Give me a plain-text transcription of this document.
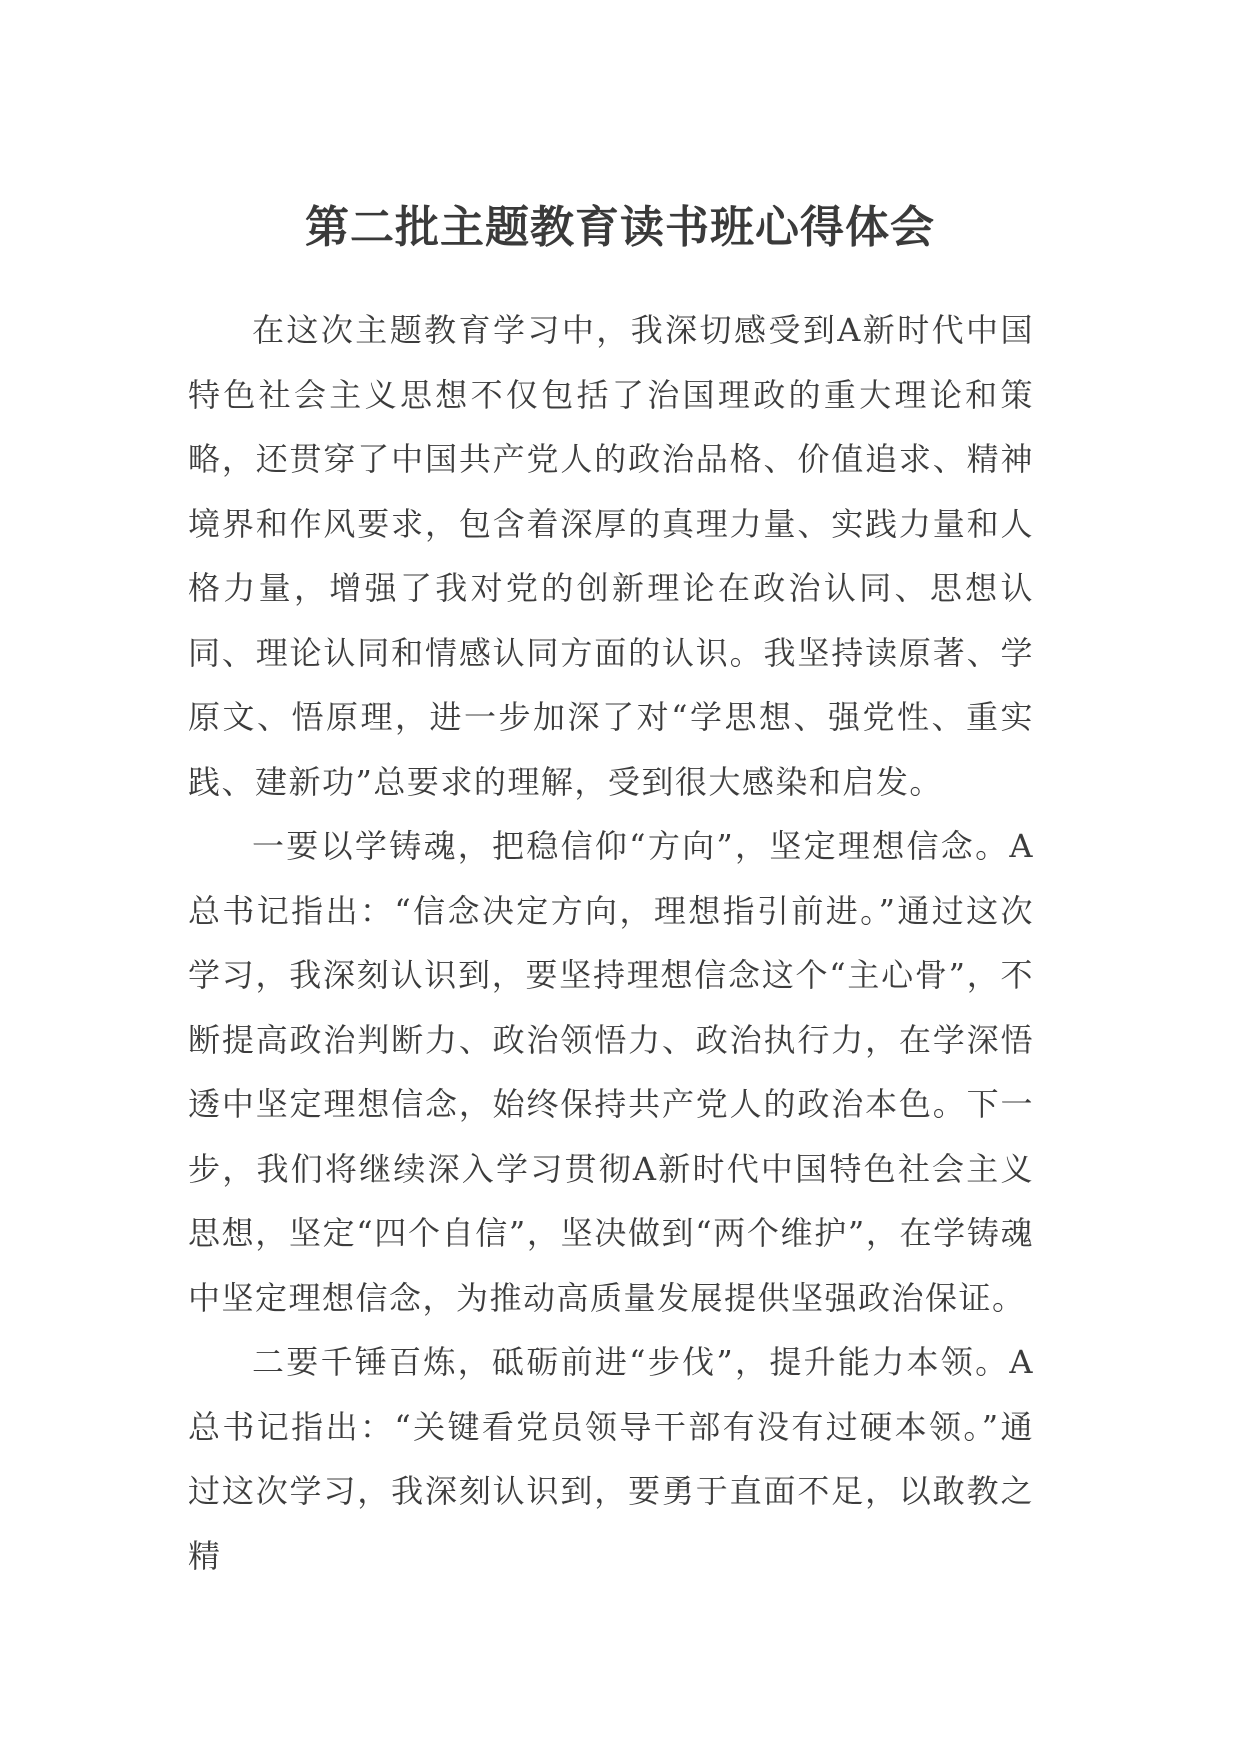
第二批主题教育读书班心得体会

在这次主题教育学习中，我深切感受到A新时代中国特色社会主义思想不仅包括了治国理政的重大理论和策略，还贯穿了中国共产党人的政治品格、价值追求、精神境界和作风要求，包含着深厚的真理力量、实践力量和人格力量，增强了我对党的创新理论在政治认同、思想认同、理论认同和情感认同方面的认识。我坚持读原著、学原文、悟原理，进一步加深了对“学思想、强党性、重实践、建新功”总要求的理解，受到很大感染和启发。

一要以学铸魂，把稳信仰“方向”，坚定理想信念。A总书记指出：“信念决定方向，理想指引前进。”通过这次学习，我深刻认识到，要坚持理想信念这个“主心骨”，不断提高政治判断力、政治领悟力、政治执行力，在学深悟透中坚定理想信念，始终保持共产党人的政治本色。下一步，我们将继续深入学习贯彻A新时代中国特色社会主义思想，坚定“四个自信”，坚决做到“两个维护”，在学铸魂中坚定理想信念，为推动高质量发展提供坚强政治保证。

二要千锤百炼，砥砺前进“步伐”，提升能力本领。A总书记指出：“关键看党员领导干部有没有过硬本领。”通过这次学习，我深刻认识到，要勇于直面不足，以敢教之精
